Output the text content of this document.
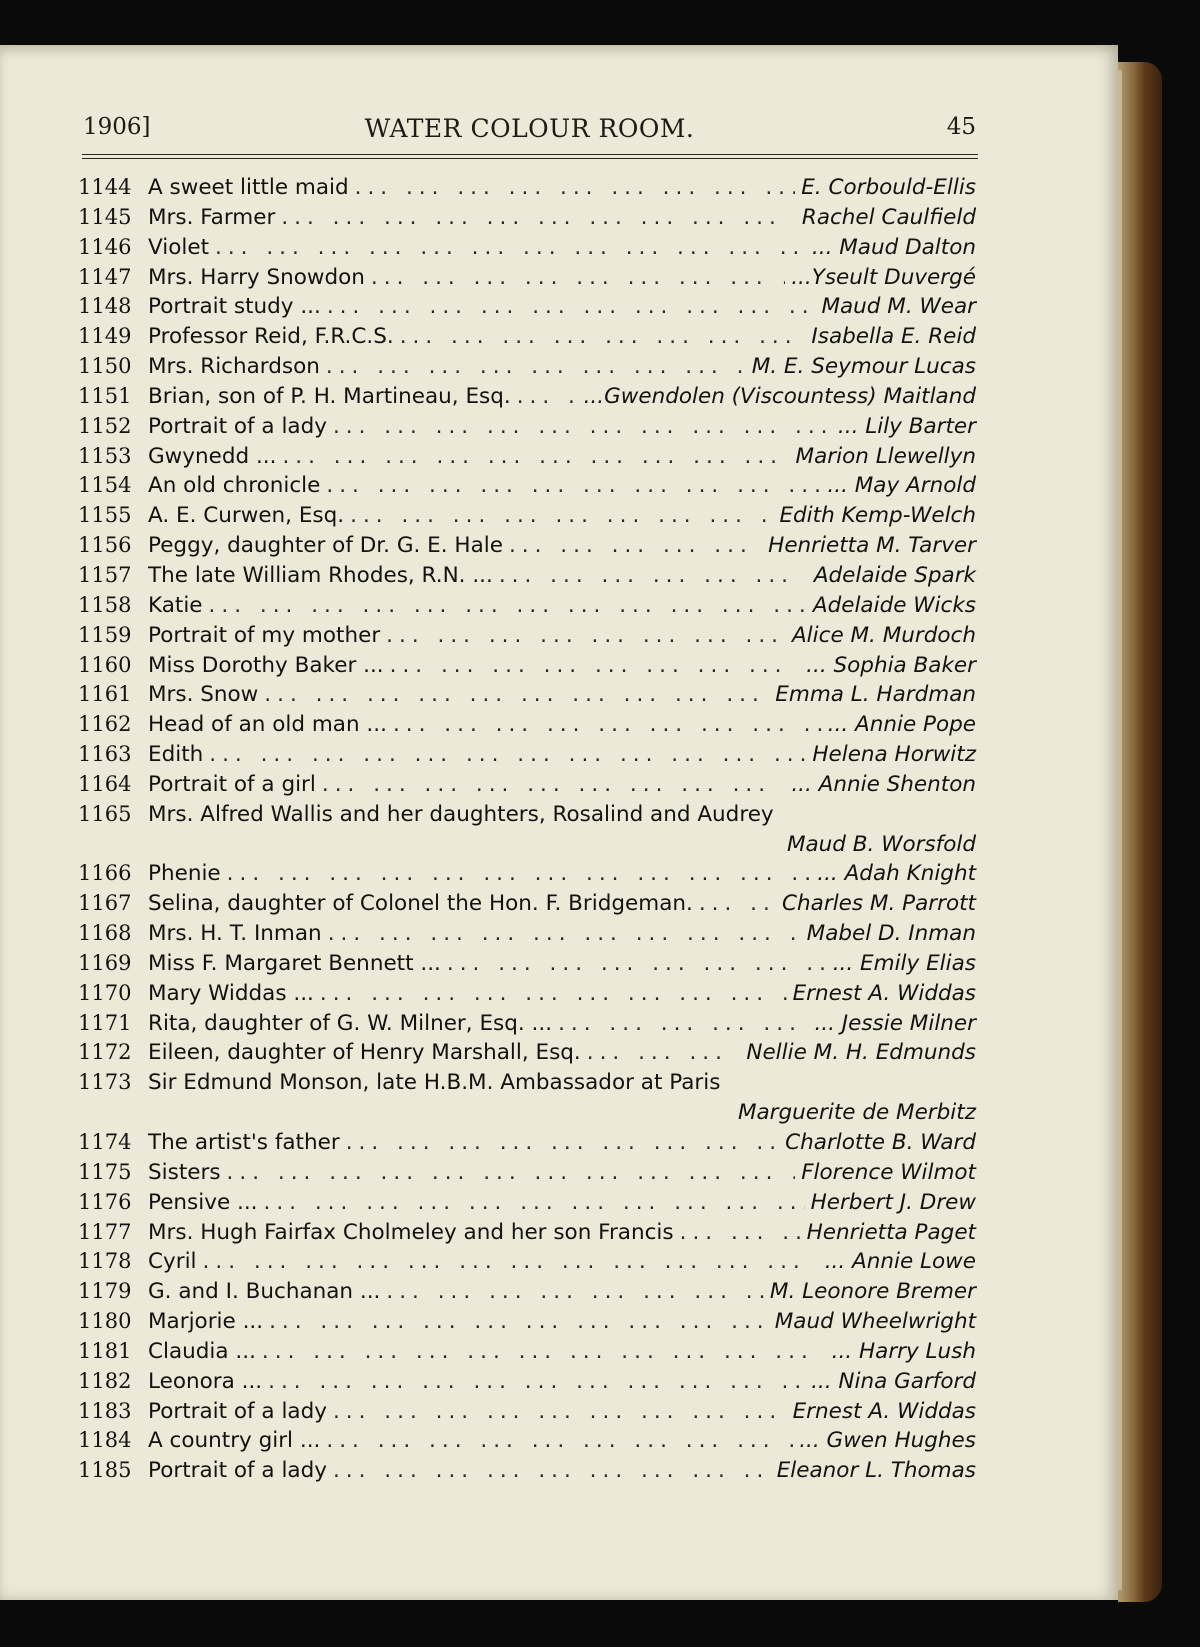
1906]	WATER COLOUR ROOM.	45
1144 A sweet little maid ... .	E. Corbould-Ellis
1145 Mrs. Farmer ... .	Rachel Caulfield
1146 Violet ... .	... Maud Dalton
1147 Mrs. Harry Snowdon ... .	...Yseult Duvergé
1148 Portrait study ... ... .	Maud M. Wear
1149 Professor Reid, F.R.C.S. ... .	Isabella E. Reid
1150 Mrs. Richardson ... .	M. E. Seymour Lucas
1151 Brian, son of P. H. Martineau, Esq. ... .	...Gwendolen (Viscountess) Maitland
1152 Portrait of a lady ... .	... Lily Barter
1153 Gwynedd ... ... .	Marion Llewellyn
1154 An old chronicle ... .	... May Arnold
1155 A. E. Curwen, Esq. ... .	Edith Kemp-Welch
1156 Peggy, daughter of Dr. G. E. Hale ... .	Henrietta M. Tarver
1157 The late William Rhodes, R.N. ... ... .	Adelaide Spark
1158 Katie ... .	Adelaide Wicks
1159 Portrait of my mother ... .	Alice M. Murdoch
1160 Miss Dorothy Baker ... ... .	... Sophia Baker
1161 Mrs. Snow ... .	Emma L. Hardman
1162 Head of an old man ... ... .	... Annie Pope
1163 Edith ... .	Helena Horwitz
1164 Portrait of a girl ... .	... Annie Shenton
1165 Mrs. Alfred Wallis and her daughters, Rosalind and Audrey
Maud B. Worsfold
1166 Phenie ... .	... Adah Knight
1167 Selina, daughter of Colonel the Hon. F. Bridgeman. ... .	Charles M. Parrott
1168 Mrs. H. T. Inman ... .	Mabel D. Inman
1169 Miss F. Margaret Bennett ... ... .	... Emily Elias
1170 Mary Widdas ... ... .	Ernest A. Widdas
1171 Rita, daughter of G. W. Milner, Esq. ... ... .	... Jessie Milner
1172 Eileen, daughter of Henry Marshall, Esq. ... .	Nellie M. H. Edmunds
1173 Sir Edmund Monson, late H.B.M. Ambassador at Paris
Marguerite de Merbitz
1174 The artist's father ... .	Charlotte B. Ward
1175 Sisters ... .	Florence Wilmot
1176 Pensive ... ... .	Herbert J. Drew
1177 Mrs. Hugh Fairfax Cholmeley and her son Francis ... .	Henrietta Paget
1178 Cyril ... .	... Annie Lowe
1179 G. and I. Buchanan ... ... .	M. Leonore Bremer
1180 Marjorie ... ... .	Maud Wheelwright
1181 Claudia ... ... .	... Harry Lush
1182 Leonora ... ... .	... Nina Garford
1183 Portrait of a lady ... .	Ernest A. Widdas
1184 A country girl ... ... .	... Gwen Hughes
1185 Portrait of a lady ... .	Eleanor L. Thomas
